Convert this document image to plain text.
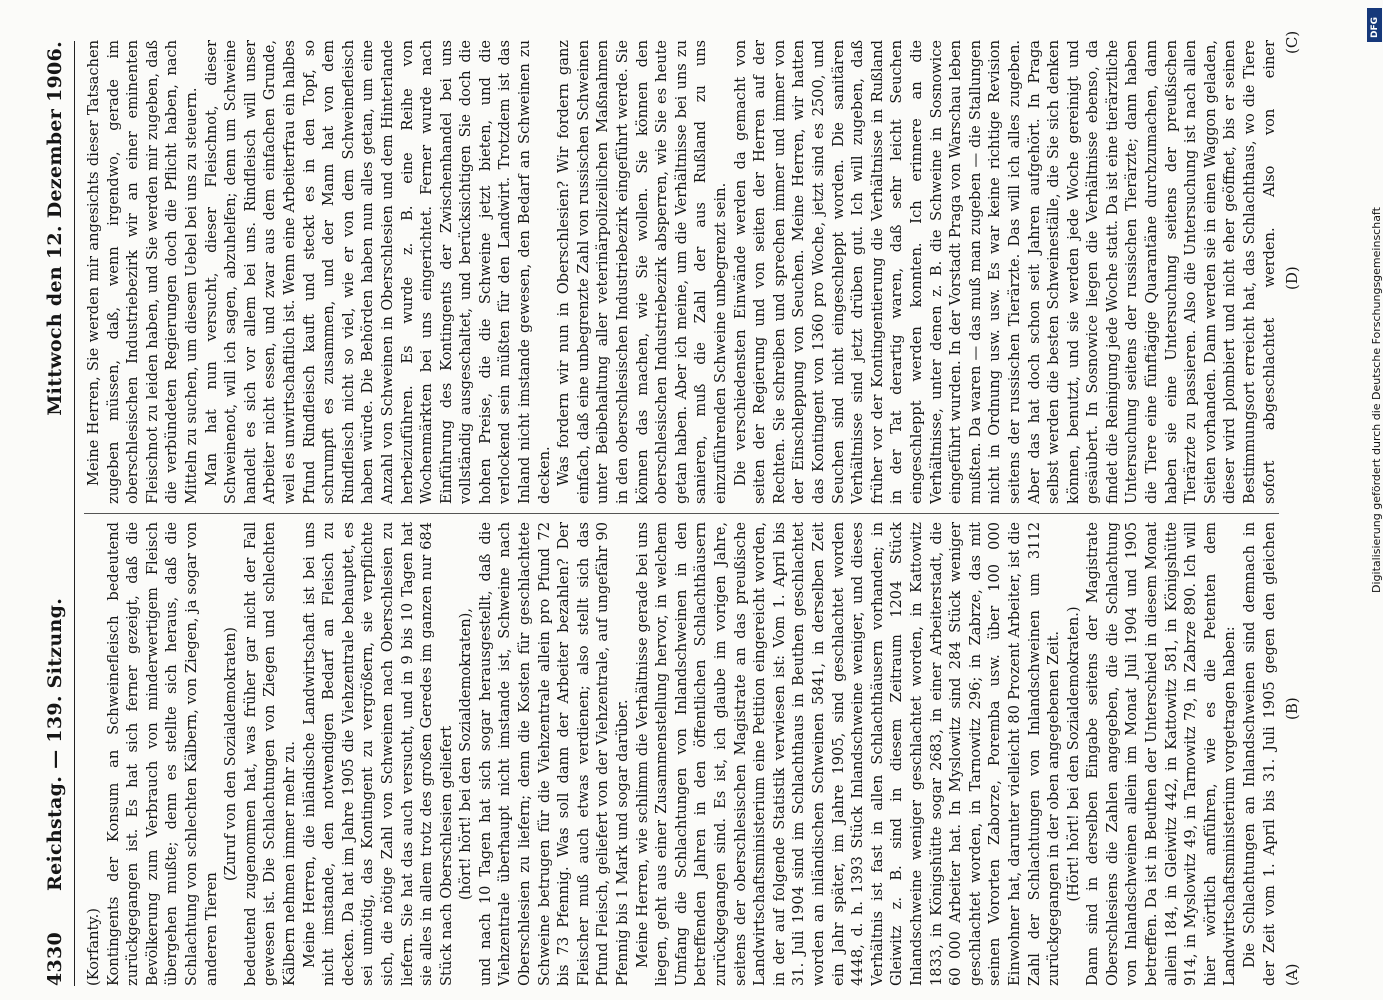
4330
Reichstag. — 139. Sitzung.
Mittwoch den 12. Dezember 1906.

(Korfanty.) Kontingents der Konsum an Schweinefleisch bedeutend zurückgegangen ist. Es hat sich ferner gezeigt, daß die Bevölkerung zum Verbrauch von minderwertigem Fleisch übergehen mußte; denn es stellte sich heraus, daß die Schlachtung von schlechten Kälbern, von Ziegen, ja sogar von anderen Tieren

(Zuruf von den Sozialdemokraten) bedeutend zugenommen hat, was früher gar nicht der Fall gewesen ist. Die Schlachtungen von Ziegen und schlechten Kälbern nehmen immer mehr zu. Meine Herren, die inländische Landwirtschaft ist bei uns nicht imstande, den notwendigen Bedarf an Fleisch zu decken. Da hat im Jahre 1905 die Viehzentrale behauptet, es sei unnötig, das Kontingent zu vergrößern, sie verpflichte sich, die nötige Zahl von Schweinen nach Oberschlesien zu liefern. Sie hat das auch versucht, und in 9 bis 10 Tagen hat sie alles in allem trotz des großen Geredes im ganzen nur 684 Stück nach Oberschlesien geliefert (hört! hört! bei den Sozialdemokraten), und nach 10 Tagen hat sich sogar herausgestellt, daß die Viehzentrale überhaupt nicht imstande ist, Schweine nach Oberschlesien zu liefern; denn die Kosten für geschlachtete Schweine betrugen für die Viehzentrale allein pro Pfund 72 bis 73 Pfennig. Was soll dann der Arbeiter bezahlen? Der Fleischer muß auch etwas verdienen; also stellt sich das Pfund Fleisch, geliefert von der Viehzentrale, auf ungefähr 90 Pfennig bis 1 Mark und sogar darüber. Meine Herren, wie schlimm die Verhältnisse gerade bei uns liegen, geht aus einer Zusammenstellung hervor, in welchem Umfang die Schlachtungen von Inlandschweinen in den betreffenden Jahren in den öffentlichen Schlachthäusern zurückgegangen sind. Es ist, ich glaube im vorigen Jahre, seitens der oberschlesischen Magistrate an das preußische Landwirtschaftsministerium eine Petition eingereicht worden, in der auf folgende Statistik verwiesen ist: Vom 1. April bis 31. Juli 1904 sind im Schlachthaus in Beuthen geschlachtet worden an inländischen Schweinen 5841, in derselben Zeit ein Jahr später, im Jahre 1905, sind geschlachtet worden 4448, d. h. 1393 Stück Inlandschweine weniger, und dieses Verhältnis ist fast in allen Schlachthäusern vorhanden; in Gleiwitz z. B. sind in diesem Zeitraum 1204 Stück Inlandschweine weniger geschlachtet worden, in Kattowitz 1833, in Königshütte sogar 2683, in einer Arbeiterstadt, die 60 000 Arbeiter hat. In Myslowitz sind 284 Stück weniger geschlachtet worden, in Tarnowitz 296; in Zabrze, das mit seinen Vororten Zaborze, Poremba usw. über 100 000 Einwohner hat, darunter vielleicht 80 Prozent Arbeiter, ist die Zahl der Schlachtungen von Inlandschweinen um 3112 zurückgegangen in der oben angegebenen Zeit. (Hört! hört! bei den Sozialdemokraten.) Dann sind in derselben Eingabe seitens der Magistrate Oberschlesiens die Zahlen angegeben, die die Schlachtung von Inlandschweinen allein im Monat Juli 1904 und 1905 betreffen. Da ist in Beuthen der Unterschied in diesem Monat allein 184, in Gleiwitz 442, in Kattowitz 581, in Königshütte 914, in Myslowitz 49, in Tarnowitz 79, in Zabrze 890. Ich will hier wörtlich anführen, wie es die Petenten dem Landwirtschaftsministerium vorgetragen haben: Die Schlachtungen an Inlandschweinen sind demnach in der Zeit vom 1. April bis 31. Juli 1905 gegen den gleichen

Meine Herren, Sie werden mir angesichts dieser Tatsachen zugeben müssen, daß, wenn irgendwo, gerade im oberschlesischen Industriebezirk wir an einer eminenten Fleischnot zu leiden haben, und Sie werden mir zugeben, daß die verbündeten Regierungen doch die Pflicht haben, nach Mitteln zu suchen, um diesem Uebel bei uns zu steuern. Man hat nun versucht, dieser Fleischnot, dieser Schweinenot, will ich sagen, abzuhelfen; denn um Schweine handelt es sich vor allem bei uns. Rindfleisch will unser Arbeiter nicht essen, und zwar aus dem einfachen Grunde, weil es unwirtschaftlich ist. Wenn eine Arbeiterfrau ein halbes Pfund Rindfleisch kauft und steckt es in den Topf, so schrumpft es zusammen, und der Mann hat von dem Rindfleisch nicht so viel, wie er von dem Schweinefleisch haben würde. Die Behörden haben nun alles getan, um eine Anzahl von Schweinen in Oberschlesien und dem Hinterlande herbeizuführen. Es wurde z. B. eine Reihe von Wochenmärkten bei uns eingerichtet. Ferner wurde nach Einführung des Kontingents der Zwischenhandel bei uns vollständig ausgeschaltet, und berücksichtigen Sie doch die hohen Preise, die die Schweine jetzt bieten, und die verlockend sein müßten für den Landwirt. Trotzdem ist das Inland nicht imstande gewesen, den Bedarf an Schweinen zu decken. Was fordern wir nun in Oberschlesien? Wir fordern ganz einfach, daß eine unbegrenzte Zahl von russischen Schweinen unter Beibehaltung aller veterinärpolizeilichen Maßnahmen in den oberschlesischen Industriebezirk eingeführt werde. Sie können das machen, wie Sie wollen. Sie können den oberschlesischen Industriebezirk absperren, wie Sie es heute getan haben. Aber ich meine, um die Verhältnisse bei uns zu sanieren, muß die Zahl der aus Rußland zu uns einzuführenden Schweine unbegrenzt sein. Die verschiedensten Einwände werden da gemacht von seiten der Regierung und von seiten der Herren auf der Rechten. Sie schreiben und sprechen immer und immer von der Einschleppung von Seuchen. Meine Herren, wir hatten das Kontingent von 1360 pro Woche, jetzt sind es 2500, und Seuchen sind nicht eingeschleppt worden. Die sanitären Verhältnisse sind jetzt drüben gut. Ich will zugeben, daß früher vor der Kontingentierung die Verhältnisse in Rußland in der Tat derartig waren, daß sehr leicht Seuchen eingeschleppt werden konnten. Ich erinnere an die Verhältnisse, unter denen z. B. die Schweine in Sosnowice eingeführt wurden. In der Vorstadt Praga von Warschau leben mußten. Da waren — das muß man zugeben — die Stallungen nicht in Ordnung usw. usw. Es war keine richtige Revision seitens der russischen Tierärzte. Das will ich alles zugeben. Aber das hat doch schon seit Jahren aufgehört. In Praga selbst werden die besten Schweineställe, die Sie sich denken können, benutzt, und sie werden jede Woche gereinigt und gesäubert. In Sosnowice liegen die Verhältnisse ebenso, da findet die Reinigung jede Woche statt. Da ist eine tierärztliche Untersuchung seitens der russischen Tierärzte; dann haben die Tiere eine fünftägige Quarantäne durchzumachen, dann haben sie eine Untersuchung seitens der preußischen Tierärzte zu passieren. Also die Untersuchung ist nach allen Seiten vorhanden. Dann werden sie in einen Waggon geladen, dieser wird plombiert und nicht eher geöffnet, bis er seinen Bestimmungsort erreicht hat, das Schlachthaus, wo die Tiere sofort abgeschlachtet werden. Also von einer

(A)
(B)
(C)
(D)
DFG
Digitalisierung gefördert durch die Deutsche Forschungsgemeinschaft
